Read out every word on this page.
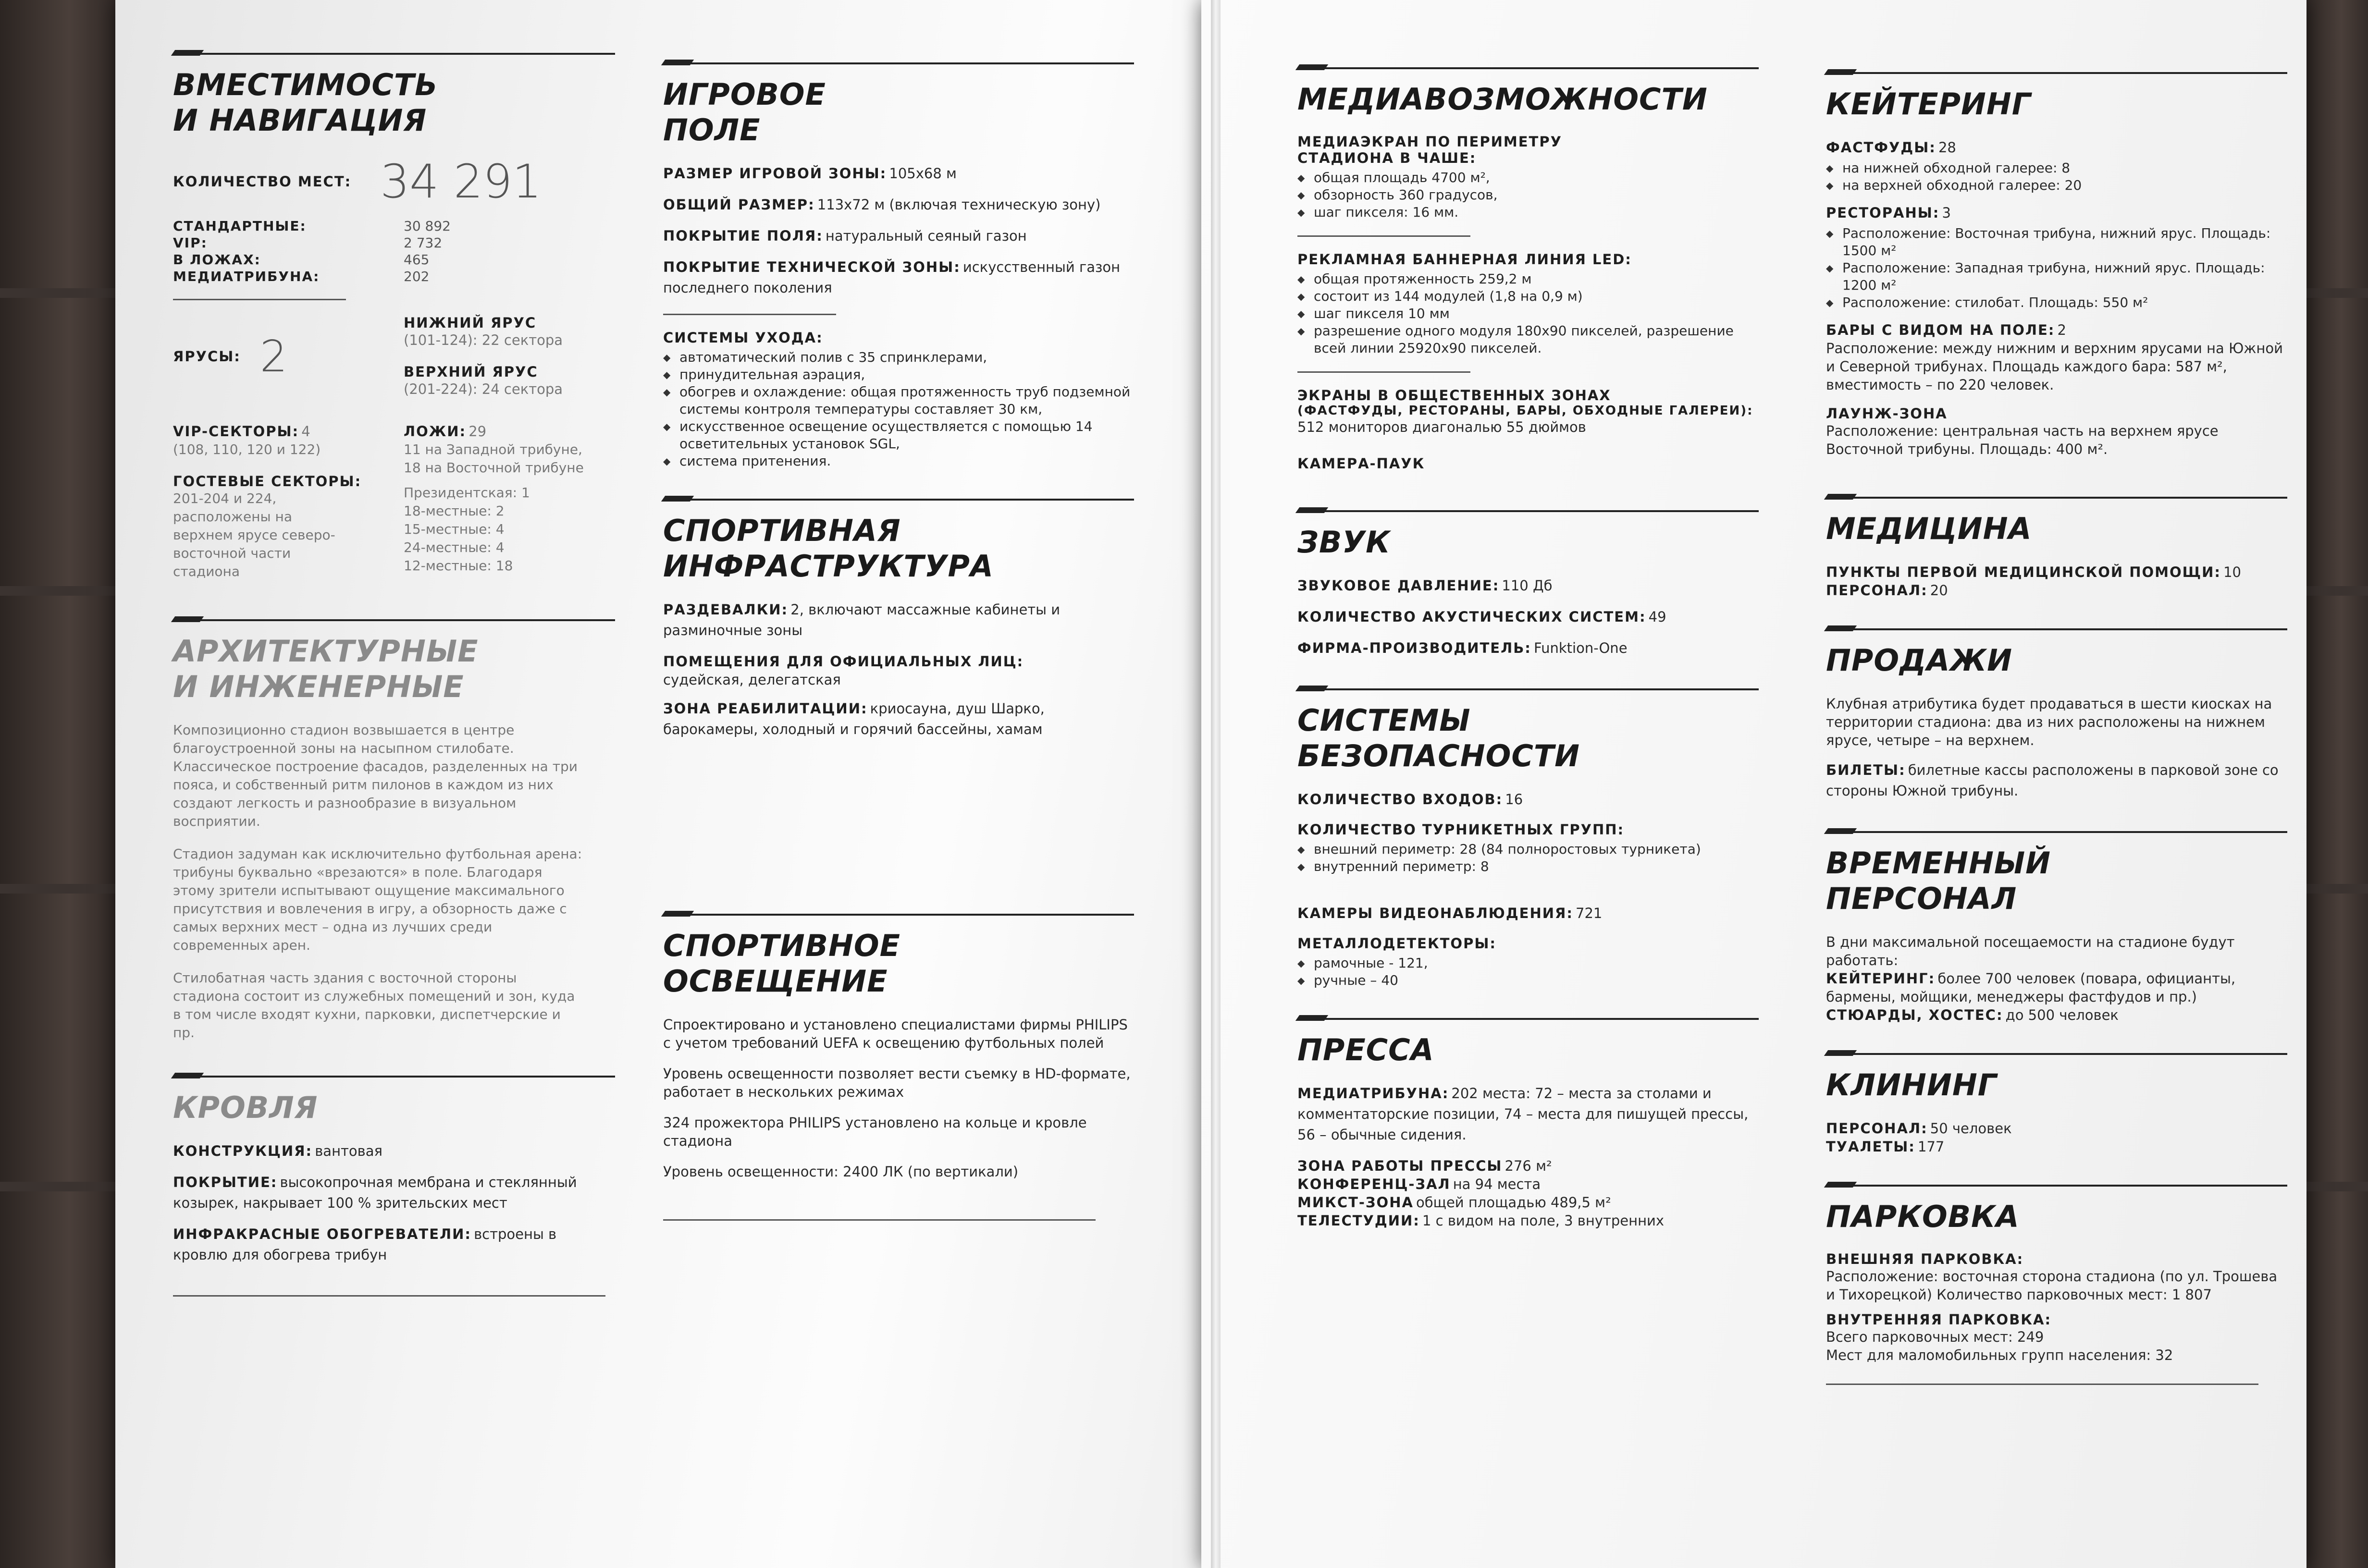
ВМЕСТИМОСТЬ
И НАВИГАЦИЯ
КОЛИЧЕСТВО МЕСТ: 34 291
СТАНДАРТНЫЕ:	30 892
VIP:	2 732
В ЛОЖАХ:	465
МЕДИАТРИБУНА:	202
ЯРУСЫ: 2
НИЖНИЙ ЯРУС
(101-124): 22 сектора
ВЕРХНИЙ ЯРУС
(201-224): 24 сектора
VIP-СЕКТОРЫ: 4
(108, 110, 120 и 122)
ГОСТЕВЫЕ СЕКТОРЫ:
201-204 и 224, расположены на верхнем ярусе северо-восточной части стадиона
ЛОЖИ: 29
11 на Западной трибуне,
18 на Восточной трибуне
Президентская: 1
18-местные: 2
15-местные: 4
24-местные: 4
12-местные: 18
АРХИТЕКТУРНЫЕ
И ИНЖЕНЕРНЫЕ

Композиционно стадион возвышается в центре благоустроенной зоны на насыпном стилобате. Классическое построение фасадов, разделенных на три пояса, и собственный ритм пилонов в каждом из них создают легкость и разнообразие в визуальном восприятии.

Стадион задуман как исключительно футбольная арена: трибуны буквально «врезаются» в поле. Благодаря этому зрители испытывают ощущение максимального присутствия и вовлечения в игру, а обзорность даже с самых верхних мест – одна из лучших среди современных арен.

Стилобатная часть здания с восточной стороны стадиона состоит из служебных помещений и зон, куда в том числе входят кухни, парковки, диспетчерские и пр.

КРОВЛЯ
КОНСТРУКЦИЯ: вантовая
ПОКРЫТИЕ: высокопрочная мембрана и стеклянный козырек, накрывает 100 % зрительских мест
ИНФРАКРАСНЫЕ ОБОГРЕВАТЕЛИ: встроены в кровлю для обогрева трибун
ИГРОВОЕ
ПОЛЕ
РАЗМЕР ИГРОВОЙ ЗОНЫ: 105х68 м
ОБЩИЙ РАЗМЕР: 113х72 м (включая техническую зону)
ПОКРЫТИЕ ПОЛЯ: натуральный сеяный газон
ПОКРЫТИЕ ТЕХНИЧЕСКОЙ ЗОНЫ: искусственный газон последнего поколения
СИСТЕМЫ УХОДА:
◆ автоматический полив с 35 спринклерами,
◆ принудительная аэрация,
◆ обогрев и охлаждение: общая протяженность труб подземной системы контроля температуры составляет 30 км,
◆ искусственное освещение осуществляется с помощью 14 осветительных установок SGL,
◆ система притенения.
СПОРТИВНАЯ
ИНФРАСТРУКТУРА
РАЗДЕВАЛКИ: 2, включают массажные кабинеты и разминочные зоны
ПОМЕЩЕНИЯ ДЛЯ ОФИЦИАЛЬНЫХ ЛИЦ:
судейская, делегатская
ЗОНА РЕАБИЛИТАЦИИ: криосауна, душ Шарко, барокамеры, холодный и горячий бассейны, хамам
СПОРТИВНОЕ
ОСВЕЩЕНИЕ

Спроектировано и установлено специалистами фирмы PHILIPS с учетом требований UEFA к освещению футбольных полей

Уровень освещенности позволяет вести съемку в HD-формате, работает в нескольких режимах

324 прожектора PHILIPS установлено на кольце и кровле стадиона

Уровень освещенности: 2400 ЛК (по вертикали)

МЕДИАВОЗМОЖНОСТИ
МЕДИАЭКРАН ПО ПЕРИМЕТРУ СТАДИОНА В ЧАШЕ:
◆ общая площадь 4700 м²,
◆ обзорность 360 градусов,
◆ шаг пикселя: 16 мм.
РЕКЛАМНАЯ БАННЕРНАЯ ЛИНИЯ LED:
◆ общая протяженность 259,2 м
◆ состоит из 144 модулей (1,8 на 0,9 м)
◆ шаг пикселя 10 мм
◆ разрешение одного модуля 180х90 пикселей, разрешение всей линии 25920х90 пикселей.
ЭКРАНЫ В ОБЩЕСТВЕННЫХ ЗОНАХ
(ФАСТФУДЫ, РЕСТОРАНЫ, БАРЫ, ОБХОДНЫЕ ГАЛЕРЕИ):
512 мониторов диагональю 55 дюймов
КАМЕРА-ПАУК
ЗВУК
ЗВУКОВОЕ ДАВЛЕНИЕ: 110 Дб
КОЛИЧЕСТВО АКУСТИЧЕСКИХ СИСТЕМ: 49
ФИРМА-ПРОИЗВОДИТЕЛЬ: Funktion-One
СИСТЕМЫ
БЕЗОПАСНОСТИ
КОЛИЧЕСТВО ВХОДОВ: 16
КОЛИЧЕСТВО ТУРНИКЕТНЫХ ГРУПП:
◆ внешний периметр: 28 (84 полноростовых турникета)
◆ внутренний периметр: 8
КАМЕРЫ ВИДЕОНАБЛЮДЕНИЯ: 721
МЕТАЛЛОДЕТЕКТОРЫ:
◆ рамочные - 121,
◆ ручные – 40
ПРЕССА
МЕДИАТРИБУНА: 202 места: 72 – места за столами и комментаторские позиции, 74 – места для пишущей прессы, 56 – обычные сидения.
ЗОНА РАБОТЫ ПРЕССЫ 276 м²
КОНФЕРЕНЦ-ЗАЛ на 94 места
МИКСТ-ЗОНА общей площадью 489,5 м²
ТЕЛЕСТУДИИ: 1 с видом на поле, 3 внутренних
КЕЙТЕРИНГ
ФАСТФУДЫ: 28
◆ на нижней обходной галерее: 8
◆ на верхней обходной галерее: 20
РЕСТОРАНЫ: 3
◆ Расположение: Восточная трибуна, нижний ярус. Площадь: 1500 м²
◆ Расположение: Западная трибуна, нижний ярус. Площадь: 1200 м²
◆ Расположение: стилобат. Площадь: 550 м²
БАРЫ С ВИДОМ НА ПОЛЕ: 2
Расположение: между нижним и верхним ярусами на Южной и Северной трибунах. Площадь каждого бара: 587 м², вместимость – по 220 человек.
ЛАУНЖ-ЗОНА
Расположение: центральная часть на верхнем ярусе Восточной трибуны. Площадь: 400 м².
МЕДИЦИНА
ПУНКТЫ ПЕРВОЙ МЕДИЦИНСКОЙ ПОМОЩИ: 10
ПЕРСОНАЛ: 20
ПРОДАЖИ
Клубная атрибутика будет продаваться в шести киосках на территории стадиона: два из них расположены на нижнем ярусе, четыре – на верхнем.
БИЛЕТЫ: билетные кассы расположены в парковой зоне со стороны Южной трибуны.
ВРЕМЕННЫЙ
ПЕРСОНАЛ
В дни максимальной посещаемости на стадионе будут работать:
КЕЙТЕРИНГ: более 700 человек (повара, официанты, бармены, мойщики, менеджеры фастфудов и пр.)
СТЮАРДЫ, ХОСТЕС: до 500 человек
КЛИНИНГ
ПЕРСОНАЛ: 50 человек
ТУАЛЕТЫ: 177
ПАРКОВКА
ВНЕШНЯЯ ПАРКОВКА:
Расположение: восточная сторона стадиона (по ул. Трошева и Тихорецкой) Количество парковочных мест: 1 807
ВНУТРЕННЯЯ ПАРКОВКА:
Всего парковочных мест: 249
Мест для маломобильных групп населения: 32
